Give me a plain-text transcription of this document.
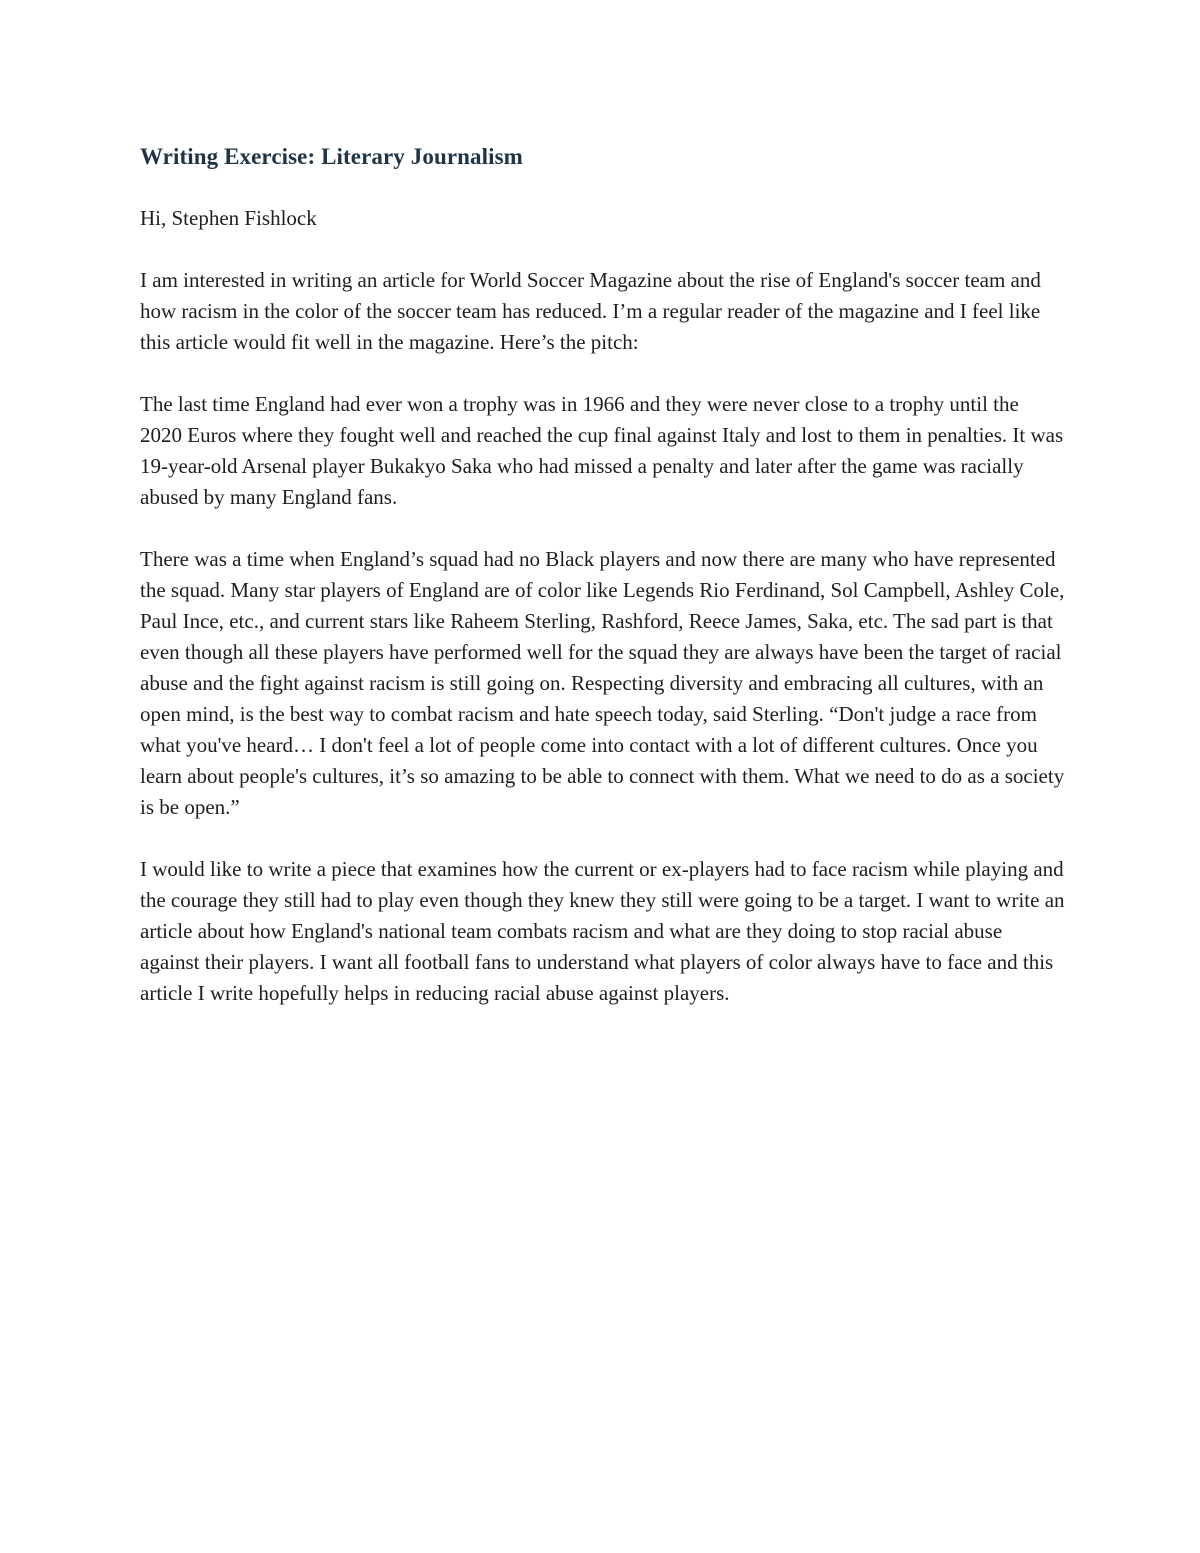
Writing Exercise: Literary Journalism

Hi, Stephen Fishlock

I am interested in writing an article for World Soccer Magazine about the rise of England's soccer team and how racism in the color of the soccer team has reduced. I’m a regular reader of the magazine and I feel like this article would fit well in the magazine. Here’s the pitch:

The last time England had ever won a trophy was in 1966 and they were never close to a trophy until the 2020 Euros where they fought well and reached the cup final against Italy and lost to them in penalties. It was 19-year-old Arsenal player Bukakyo Saka who had missed a penalty and later after the game was racially abused by many England fans.

There was a time when England’s squad had no Black players and now there are many who have represented the squad. Many star players of England are of color like Legends Rio Ferdinand, Sol Campbell, Ashley Cole, Paul Ince, etc., and current stars like Raheem Sterling, Rashford, Reece James, Saka, etc. The sad part is that even though all these players have performed well for the squad they are always have been the target of racial abuse and the fight against racism is still going on. Respecting diversity and embracing all cultures, with an open mind, is the best way to combat racism and hate speech today, said Sterling. “Don't judge a race from what you've heard… I don't feel a lot of people come into contact with a lot of different cultures. Once you learn about people's cultures, it’s so amazing to be able to connect with them. What we need to do as a society is be open.”

I would like to write a piece that examines how the current or ex-players had to face racism while playing and the courage they still had to play even though they knew they still were going to be a target. I want to write an article about how England's national team combats racism and what are they doing to stop racial abuse against their players. I want all football fans to understand what players of color always have to face and this article I write hopefully helps in reducing racial abuse against players.
